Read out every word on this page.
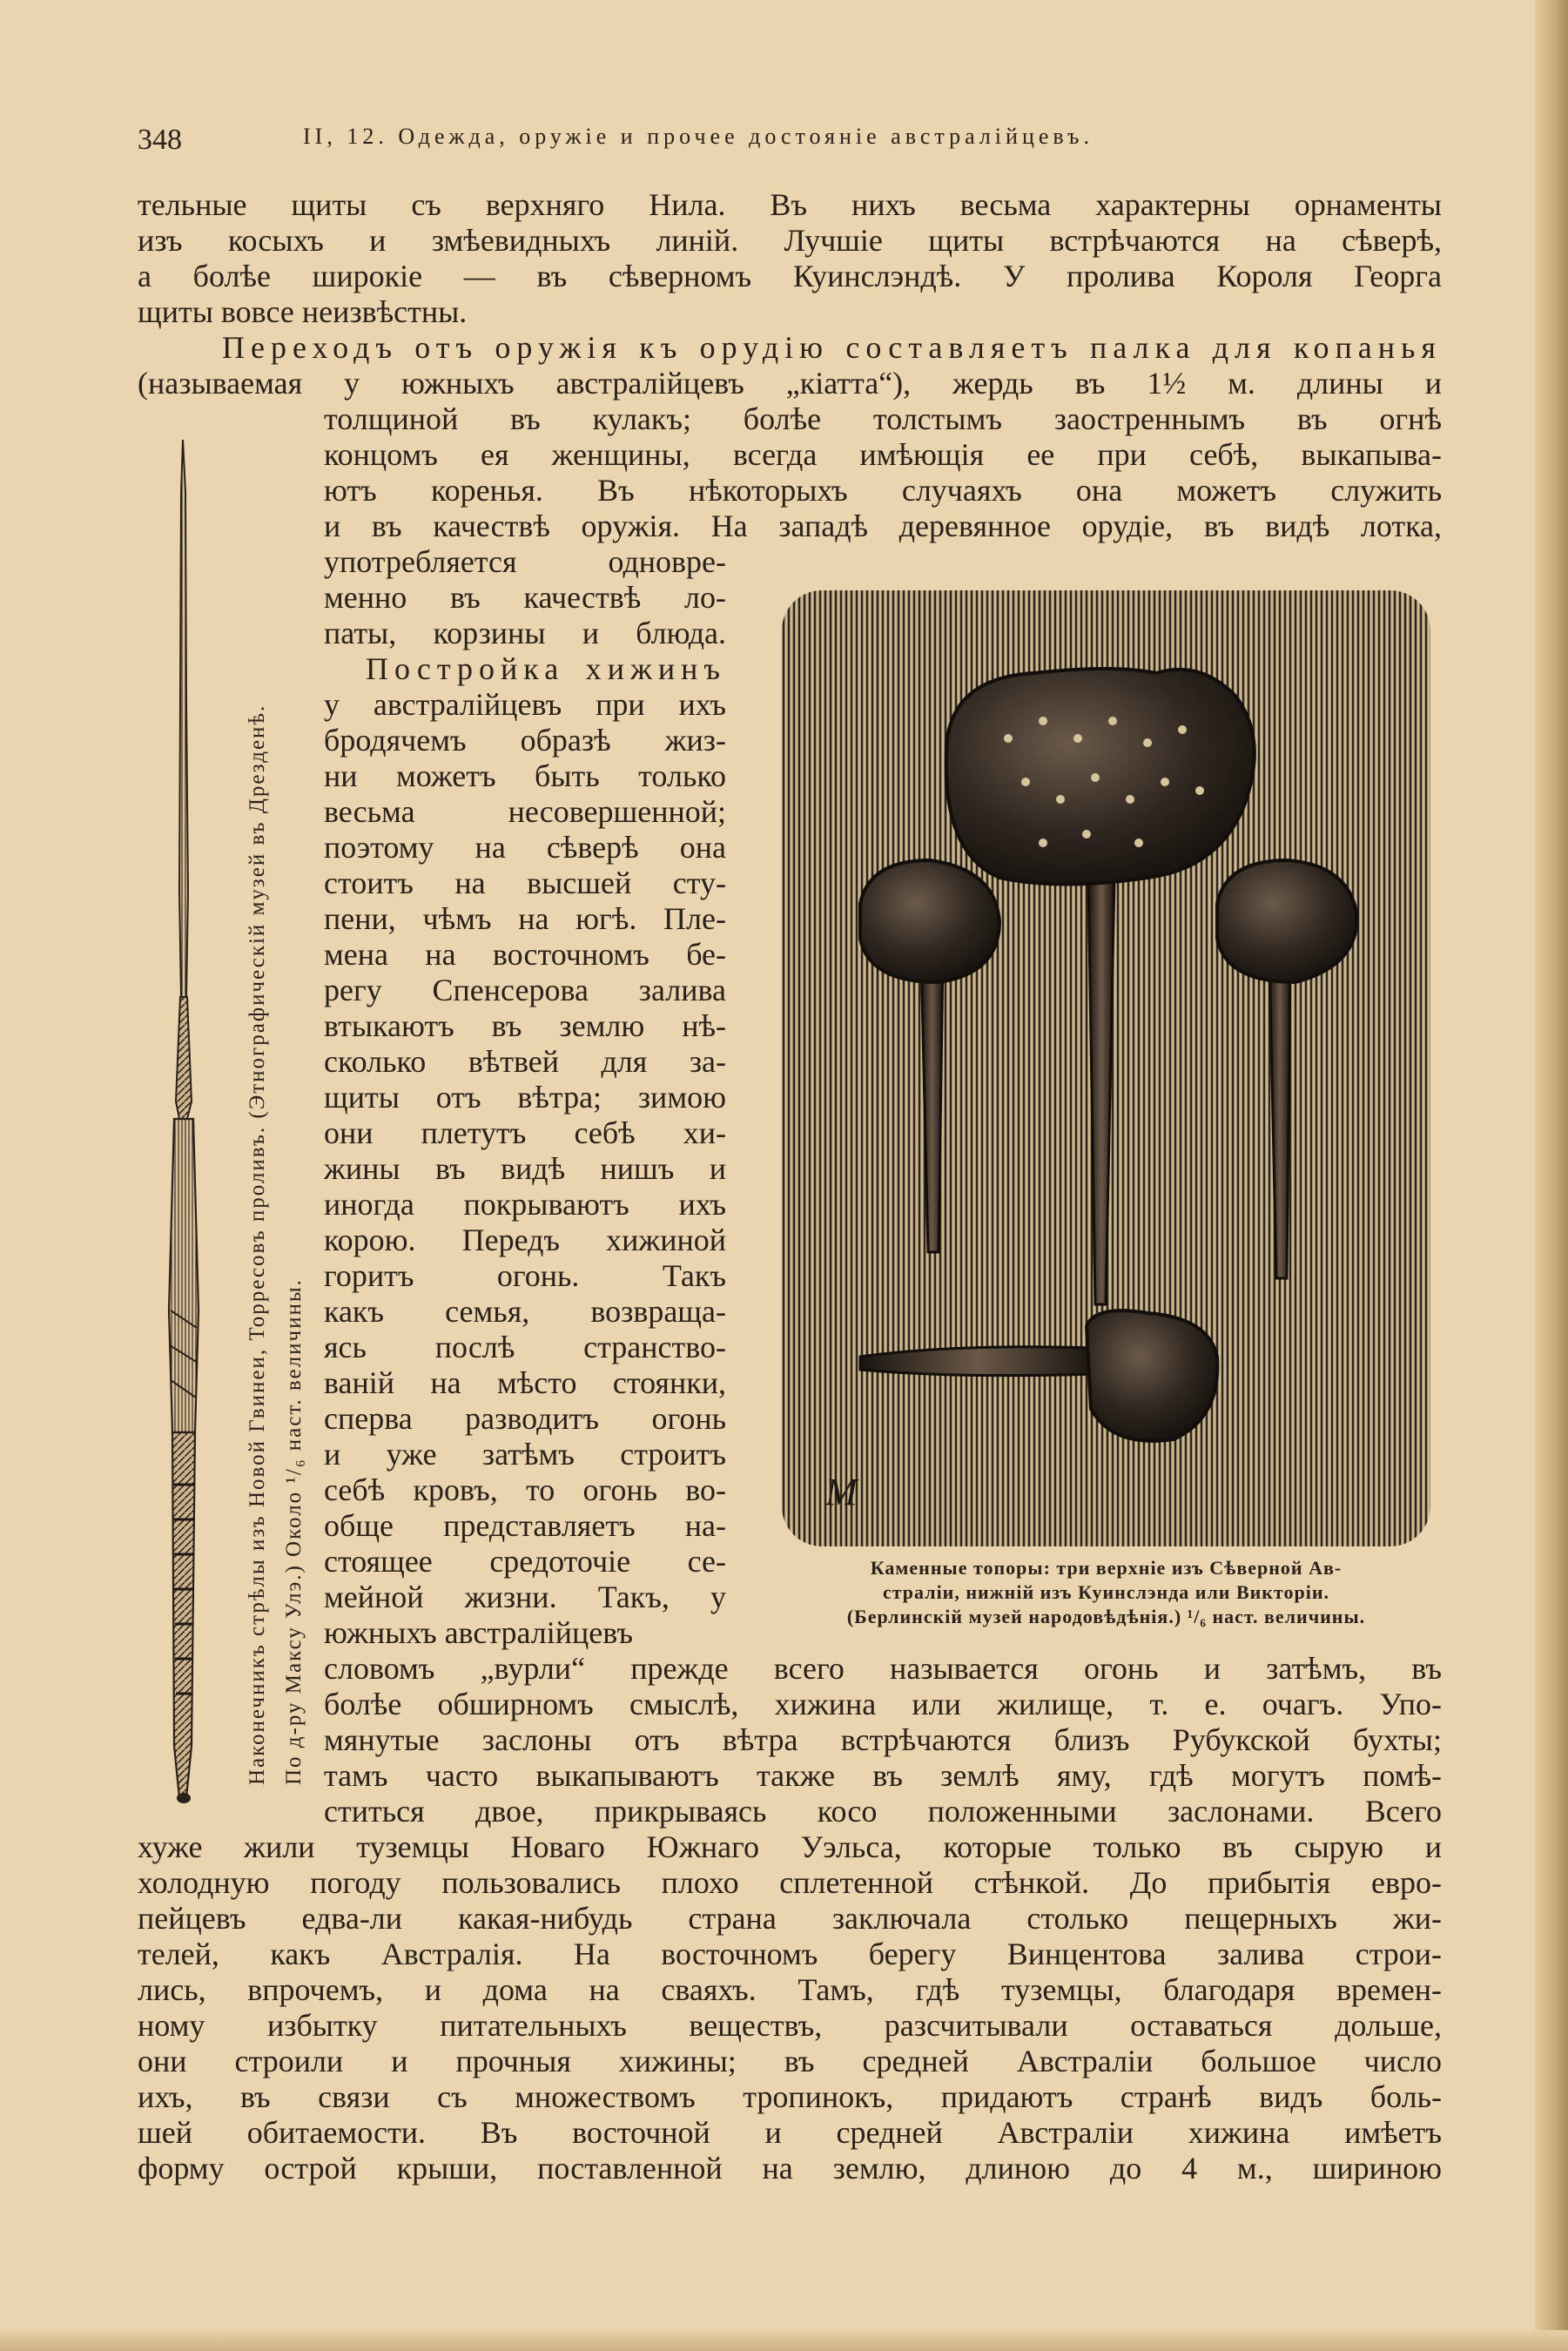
348	II, 12. Одежда, оружіе и прочее достояніе австралійцевъ.
тельные щиты съ верхняго Нила. Въ нихъ весьма характерны орнаменты
изъ косыхъ и змѣевидныхъ линій. Лучшіе щиты встрѣчаются на сѣверѣ,
а болѣе широкіе — въ сѣверномъ Куинслэндѣ. У пролива Короля Георга
щиты вовсе неизвѣстны.
Переходъ отъ оружія къ орудію составляетъ палка для копанья
(называемая у южныхъ австралійцевъ „кіатта“), жердь въ 1½ м. длины и
толщиной въ кулакъ; болѣе толстымъ заостреннымъ въ огнѣ
концомъ ея женщины, всегда имѣющія ее при себѣ, выкапыва-
ютъ коренья. Въ нѣкоторыхъ случаяхъ она можетъ служить
и въ качествѣ оружія. На западѣ деревянное орудіе, въ видѣ лотка,
употребляется одновре-
менно въ качествѣ ло-
паты, корзины и блюда.
Постройка хижинъ
у австралійцевъ при ихъ
бродячемъ образѣ жиз-
ни можетъ быть только
весьма несовершенной;
поэтому на сѣверѣ она
стоитъ на высшей сту-
пени, чѣмъ на югѣ. Пле-
мена на восточномъ бе-
регу Спенсерова залива
втыкаютъ въ землю нѣ-
сколько вѣтвей для за-
щиты отъ вѣтра; зимою
они плетутъ себѣ хи-
жины въ видѣ нишъ и
иногда покрываютъ ихъ
корою. Передъ хижиной
горитъ огонь. Такъ
какъ семья, возвраща-
ясь послѣ странство-
ваній на мѣсто стоянки,
сперва разводитъ огонь
и уже затѣмъ строитъ
себѣ кровъ, то огонь во-
обще представляетъ на-
стоящее средоточіе се-
мейной жизни. Такъ, у
южныхъ австралійцевъ
словомъ „вурли“ прежде всего называется огонь и затѣмъ, въ
болѣе обширномъ смыслѣ, хижина или жилище, т. е. очагъ. Упо-
мянутые заслоны отъ вѣтра встрѣчаются близъ Рубукской бухты;
тамъ часто выкапываютъ также въ землѣ яму, гдѣ могутъ помѣ-
ститься двое, прикрываясь косо положенными заслонами. Всего
хуже жили туземцы Новаго Южнаго Уэльса, которые только въ сырую и
холодную погоду пользовались плохо сплетенной стѣнкой. До прибытія евро-
пейцевъ едва-ли какая-нибудь страна заключала столько пещерныхъ жи-
телей, какъ Австралія. На восточномъ берегу Винцентова залива строи-
лись, впрочемъ, и дома на сваяхъ. Тамъ, гдѣ туземцы, благодаря времен-
ному избытку питательныхъ веществъ, разсчитывали оставаться дольше,
они строили и прочныя хижины; въ средней Австраліи большое число
ихъ, въ связи съ множествомъ тропинокъ, придаютъ странѣ видъ боль-
шей обитаемости. Въ восточной и средней Австраліи хижина имѣетъ
форму острой крыши, поставленной на землю, длиною до 4 м., шириною
Наконечникъ стрѣлы изъ Новой Гвинеи, Торресовъ проливъ. (Этнографическій музей въ Дрезденѣ. По д-ру Максу Улэ.) Около ¹/₆ наст. величины.	M
Каменные топоры: три верхніе изъ Сѣверной Ав-
страліи, нижній изъ Куинслэнда или Викторіи.
(Берлинскій музей народовѣдѣнія.) ¹/₆ наст. величины.
